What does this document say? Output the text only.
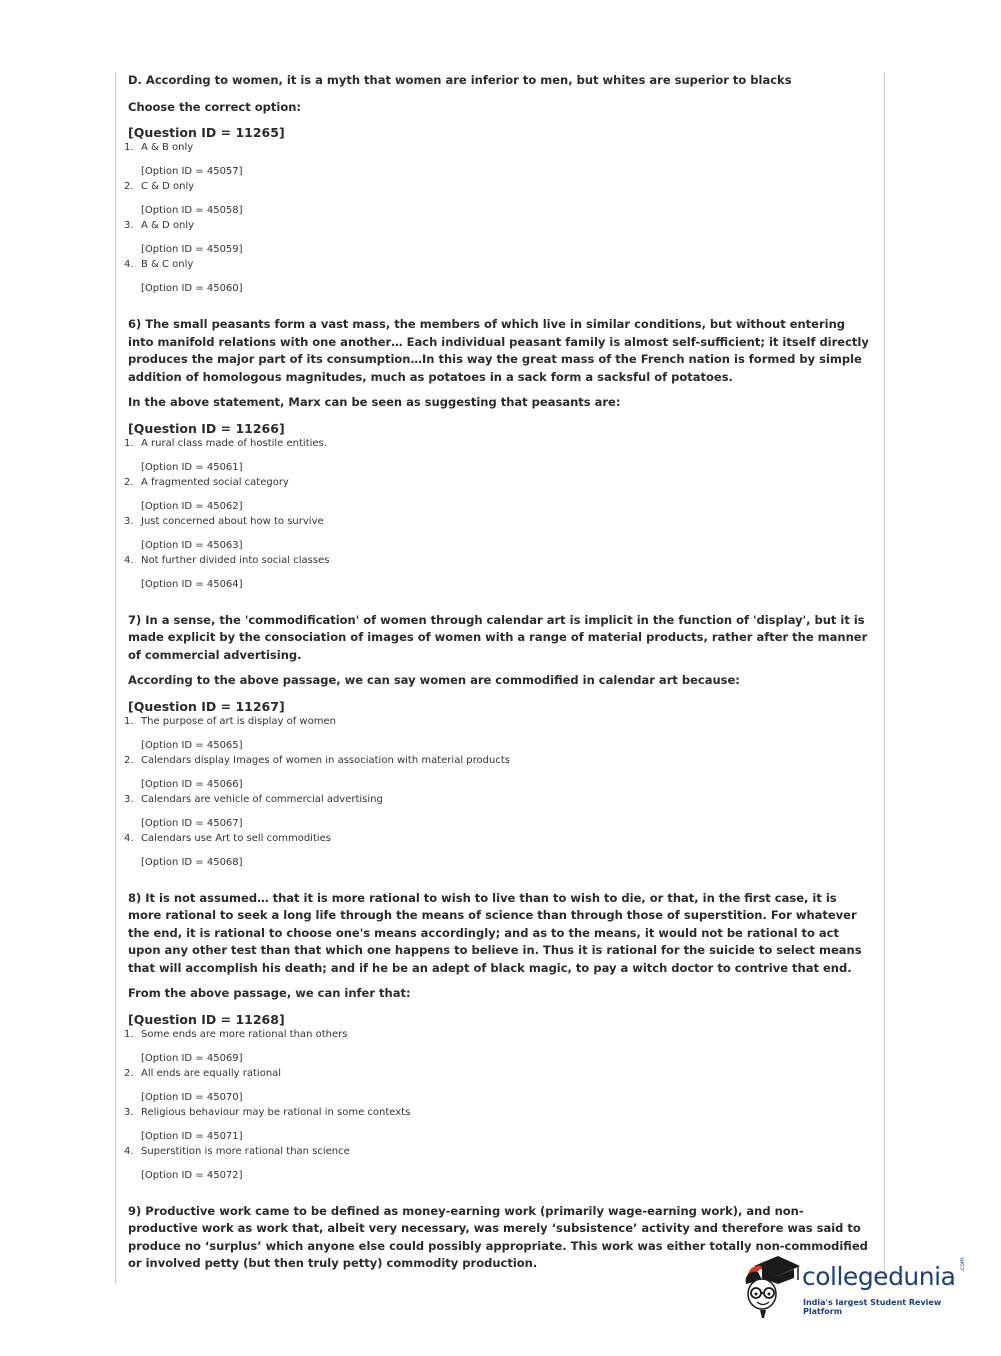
D. According to women, it is a myth that women are inferior to men, but whites are superior to blacks
Choose the correct option:
[Question ID = 11265]
1. A & B only
[Option ID = 45057]
2. C & D only
[Option ID = 45058]
3. A & D only
[Option ID = 45059]
4. B & C only
[Option ID = 45060]
6) The small peasants form a vast mass, the members of which live in similar conditions, but without entering into manifold relations with one another… Each individual peasant family is almost self-sufficient; it itself directly produces the major part of its consumption…In this way the great mass of the French nation is formed by simple addition of homologous magnitudes, much as potatoes in a sack form a sacksful of potatoes.
In the above statement, Marx can be seen as suggesting that peasants are:
[Question ID = 11266]
1. A rural class made of hostile entities.
[Option ID = 45061]
2. A fragmented social category
[Option ID = 45062]
3. Just concerned about how to survive
[Option ID = 45063]
4. Not further divided into social classes
[Option ID = 45064]
7) In a sense, the 'commodification' of women through calendar art is implicit in the function of 'display', but it is made explicit by the consociation of images of women with a range of material products, rather after the manner of commercial advertising.
According to the above passage, we can say women are commodified in calendar art because:
[Question ID = 11267]
1. The purpose of art is display of women
[Option ID = 45065]
2. Calendars display Images of women in association with material products
[Option ID = 45066]
3. Calendars are vehicle of commercial advertising
[Option ID = 45067]
4. Calendars use Art to sell commodities
[Option ID = 45068]
8) It is not assumed… that it is more rational to wish to live than to wish to die, or that, in the first case, it is more rational to seek a long life through the means of science than through those of superstition. For whatever the end, it is rational to choose one's means accordingly; and as to the means, it would not be rational to act upon any other test than that which one happens to believe in. Thus it is rational for the suicide to select means that will accomplish his death; and if he be an adept of black magic, to pay a witch doctor to contrive that end.
From the above passage, we can infer that:
[Question ID = 11268]
1. Some ends are more rational than others
[Option ID = 45069]
2. All ends are equally rational
[Option ID = 45070]
3. Religious behaviour may be rational in some contexts
[Option ID = 45071]
4. Superstition is more rational than science
[Option ID = 45072]
9) Productive work came to be defined as money-earning work (primarily wage-earning work), and non-productive work as work that, albeit very necessary, was merely ‘subsistence’ activity and therefore was said to produce no ‘surplus’ which anyone else could possibly appropriate. This work was either totally non-commodified or involved petty (but then truly petty) commodity production.	collegedunia .com
India's largest Student Review Platform
